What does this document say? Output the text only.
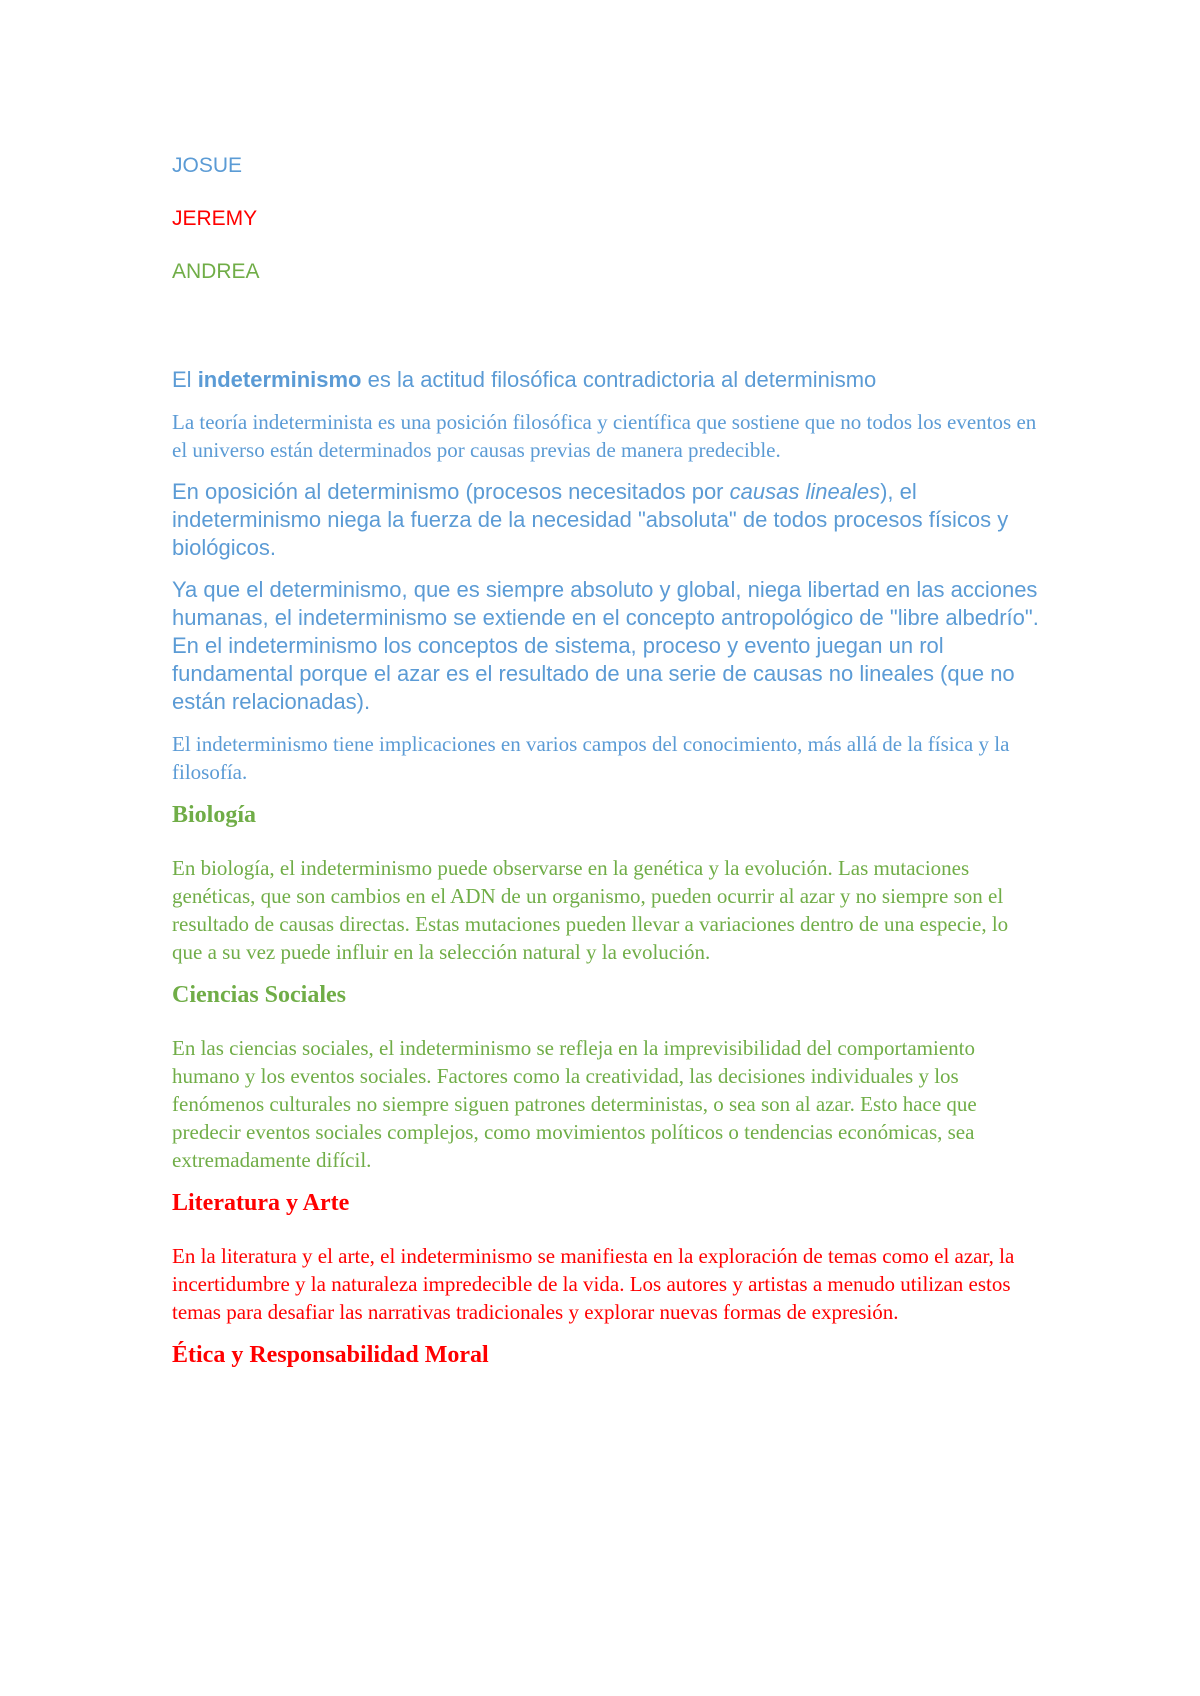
JOSUE

JEREMY

ANDREA

El indeterminismo es la actitud filosófica contradictoria al determinismo

La teoría indeterminista es una posición filosófica y científica que sostiene que no todos los eventos en el universo están determinados por causas previas de manera predecible.

En oposición al determinismo (procesos necesitados por causas lineales), el indeterminismo niega la fuerza de la necesidad "absoluta" de todos procesos físicos y biológicos.

Ya que el determinismo, que es siempre absoluto y global, niega libertad en las acciones humanas, el indeterminismo se extiende en el concepto antropológico de "libre albedrío". En el indeterminismo los conceptos de sistema, proceso y evento juegan un rol fundamental porque el azar es el resultado de una serie de causas no lineales (que no están relacionadas).

El indeterminismo tiene implicaciones en varios campos del conocimiento, más allá de la física y la filosofía.

Biología

En biología, el indeterminismo puede observarse en la genética y la evolución. Las mutaciones genéticas, que son cambios en el ADN de un organismo, pueden ocurrir al azar y no siempre son el resultado de causas directas. Estas mutaciones pueden llevar a variaciones dentro de una especie, lo que a su vez puede influir en la selección natural y la evolución.

Ciencias Sociales

En las ciencias sociales, el indeterminismo se refleja en la imprevisibilidad del comportamiento humano y los eventos sociales. Factores como la creatividad, las decisiones individuales y los fenómenos culturales no siempre siguen patrones deterministas, o sea son al azar. Esto hace que predecir eventos sociales complejos, como movimientos políticos o tendencias económicas, sea extremadamente difícil.

Literatura y Arte

En la literatura y el arte, el indeterminismo se manifiesta en la exploración de temas como el azar, la incertidumbre y la naturaleza impredecible de la vida. Los autores y artistas a menudo utilizan estos temas para desafiar las narrativas tradicionales y explorar nuevas formas de expresión.

Ética y Responsabilidad Moral
